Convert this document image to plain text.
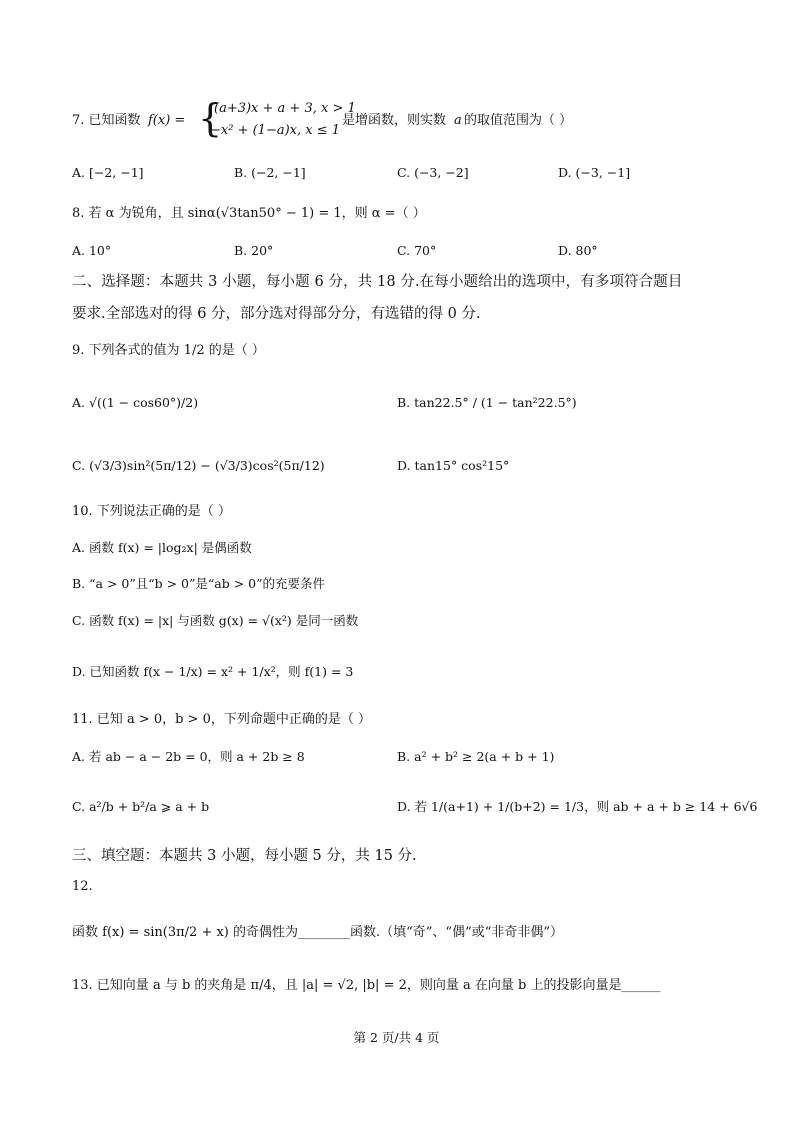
7. 已知函数 f(x) = {
(a+3)x + a + 3, x > 1
−x² + (1−a)x, x ≤ 1
是增函数，则实数 a 的取值范围为（ ）
A. [−2, −1]	B. (−2, −1]	C. (−3, −2]	D. (−3, −1]
8. 若 α 为锐角，且 sinα(√3tan50° − 1) = 1，则 α =（ ）
A. 10°	B. 20°	C. 70°	D. 80°
二、选择题：本题共 3 小题，每小题 6 分，共 18 分.在每小题给出的选项中，有多项符合题目
要求.全部选对的得 6 分，部分选对得部分分，有选错的得 0 分.
9. 下列各式的值为 1/2 的是（ ）
A. √((1 − cos60°)/2)	B. tan22.5° / (1 − tan²22.5°)
C. (√3/3)sin²(5π/12) − (√3/3)cos²(5π/12)	D. tan15° cos²15°
10. 下列说法正确的是（ ）
A. 函数 f(x) = |log₂x| 是偶函数
B. “a > 0”且“b > 0”是“ab > 0”的充要条件
C. 函数 f(x) = |x| 与函数 g(x) = √(x²) 是同一函数
D. 已知函数 f(x − 1/x) = x² + 1/x²，则 f(1) = 3
11. 已知 a > 0，b > 0，下列命题中正确的是（ ）
A. 若 ab − a − 2b = 0，则 a + 2b ≥ 8	B. a² + b² ≥ 2(a + b + 1)
C. a²/b + b²/a ⩾ a + b	D. 若 1/(a+1) + 1/(b+2) = 1/3，则 ab + a + b ≥ 14 + 6√6
三、填空题：本题共 3 小题，每小题 5 分，共 15 分.
12.
函数 f(x) = sin(3π/2 + x) 的奇偶性为________函数.（填“奇”、“偶”或“非奇非偶”）
13. 已知向量 a 与 b 的夹角是 π/4，且 |a| = √2, |b| = 2，则向量 a 在向量 b 上的投影向量是______
第 2 页/共 4 页
